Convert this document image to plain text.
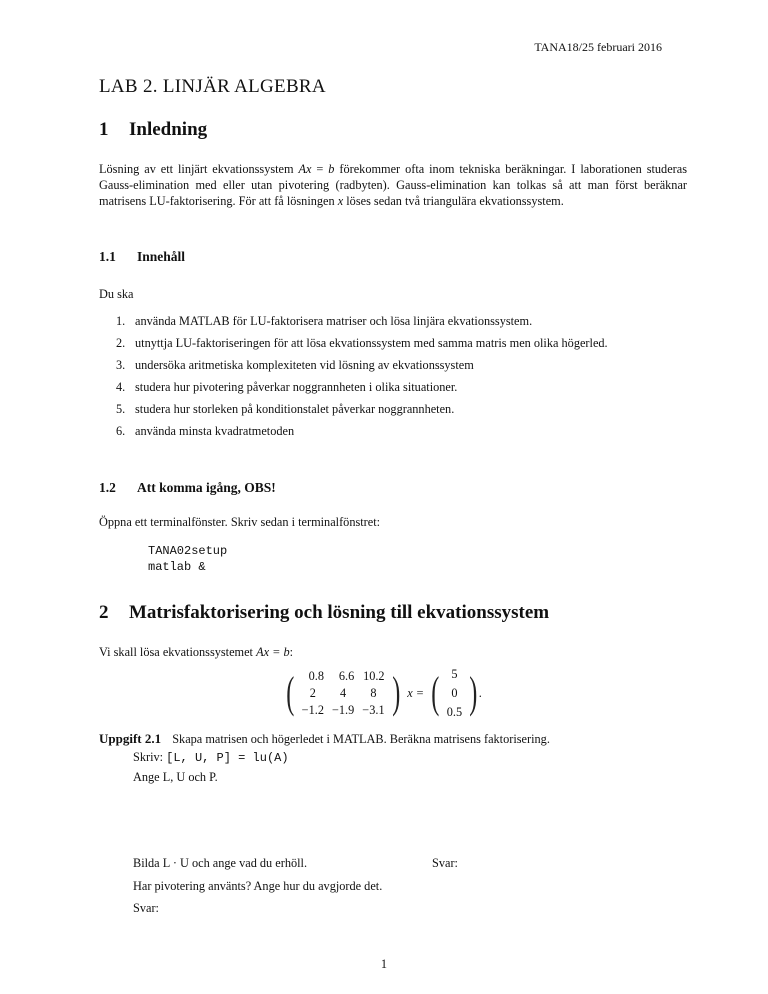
TANA18/25 februari 2016
LAB 2. LINJÄR ALGEBRA
1 Inledning
Lösning av ett linjärt ekvationssystem Ax = b förekommer ofta inom tekniska beräkningar. I laborationen studeras Gauss-elimination med eller utan pivotering (radbyten). Gauss-elimination kan tolkas så att man först beräknar matrisens LU-faktorisering. För att få lösningen x löses sedan två triangulära ekvationssystem.
1.1 Innehåll
Du ska
1. använda MATLAB för LU-faktorisera matriser och lösa linjära ekvationssystem.
2. utnyttja LU-faktoriseringen för att lösa ekvationssystem med samma matris men olika högerled.
3. undersöka aritmetiska komplexiteten vid lösning av ekvationssystem
4. studera hur pivotering påverkar noggrannheten i olika situationer.
5. studera hur storleken på konditionstalet påverkar noggrannheten.
6. använda minsta kvadratmetoden
1.2 Att komma igång, OBS!
Öppna ett terminalfönster. Skriv sedan i terminalfönstret:
TANA02setup
matlab &
2 Matrisfaktorisering och lösning till ekvationssystem
Vi skall lösa ekvationssystemet Ax = b:
( 0.8	6.6	10.2
2	4	8
−1.2	−1.9	−3.1 ) x = ( 5
0
0.5 ) .
Uppgift 2.1 Skapa matrisen och högerledet i MATLAB. Beräkna matrisens faktorisering.
Skriv: [L, U, P] = lu(A)
Ange L, U och P.
Bilda L · U och ange vad du erhöll.	Svar:
Har pivotering använts? Ange hur du avgjorde det.
Svar:
1
